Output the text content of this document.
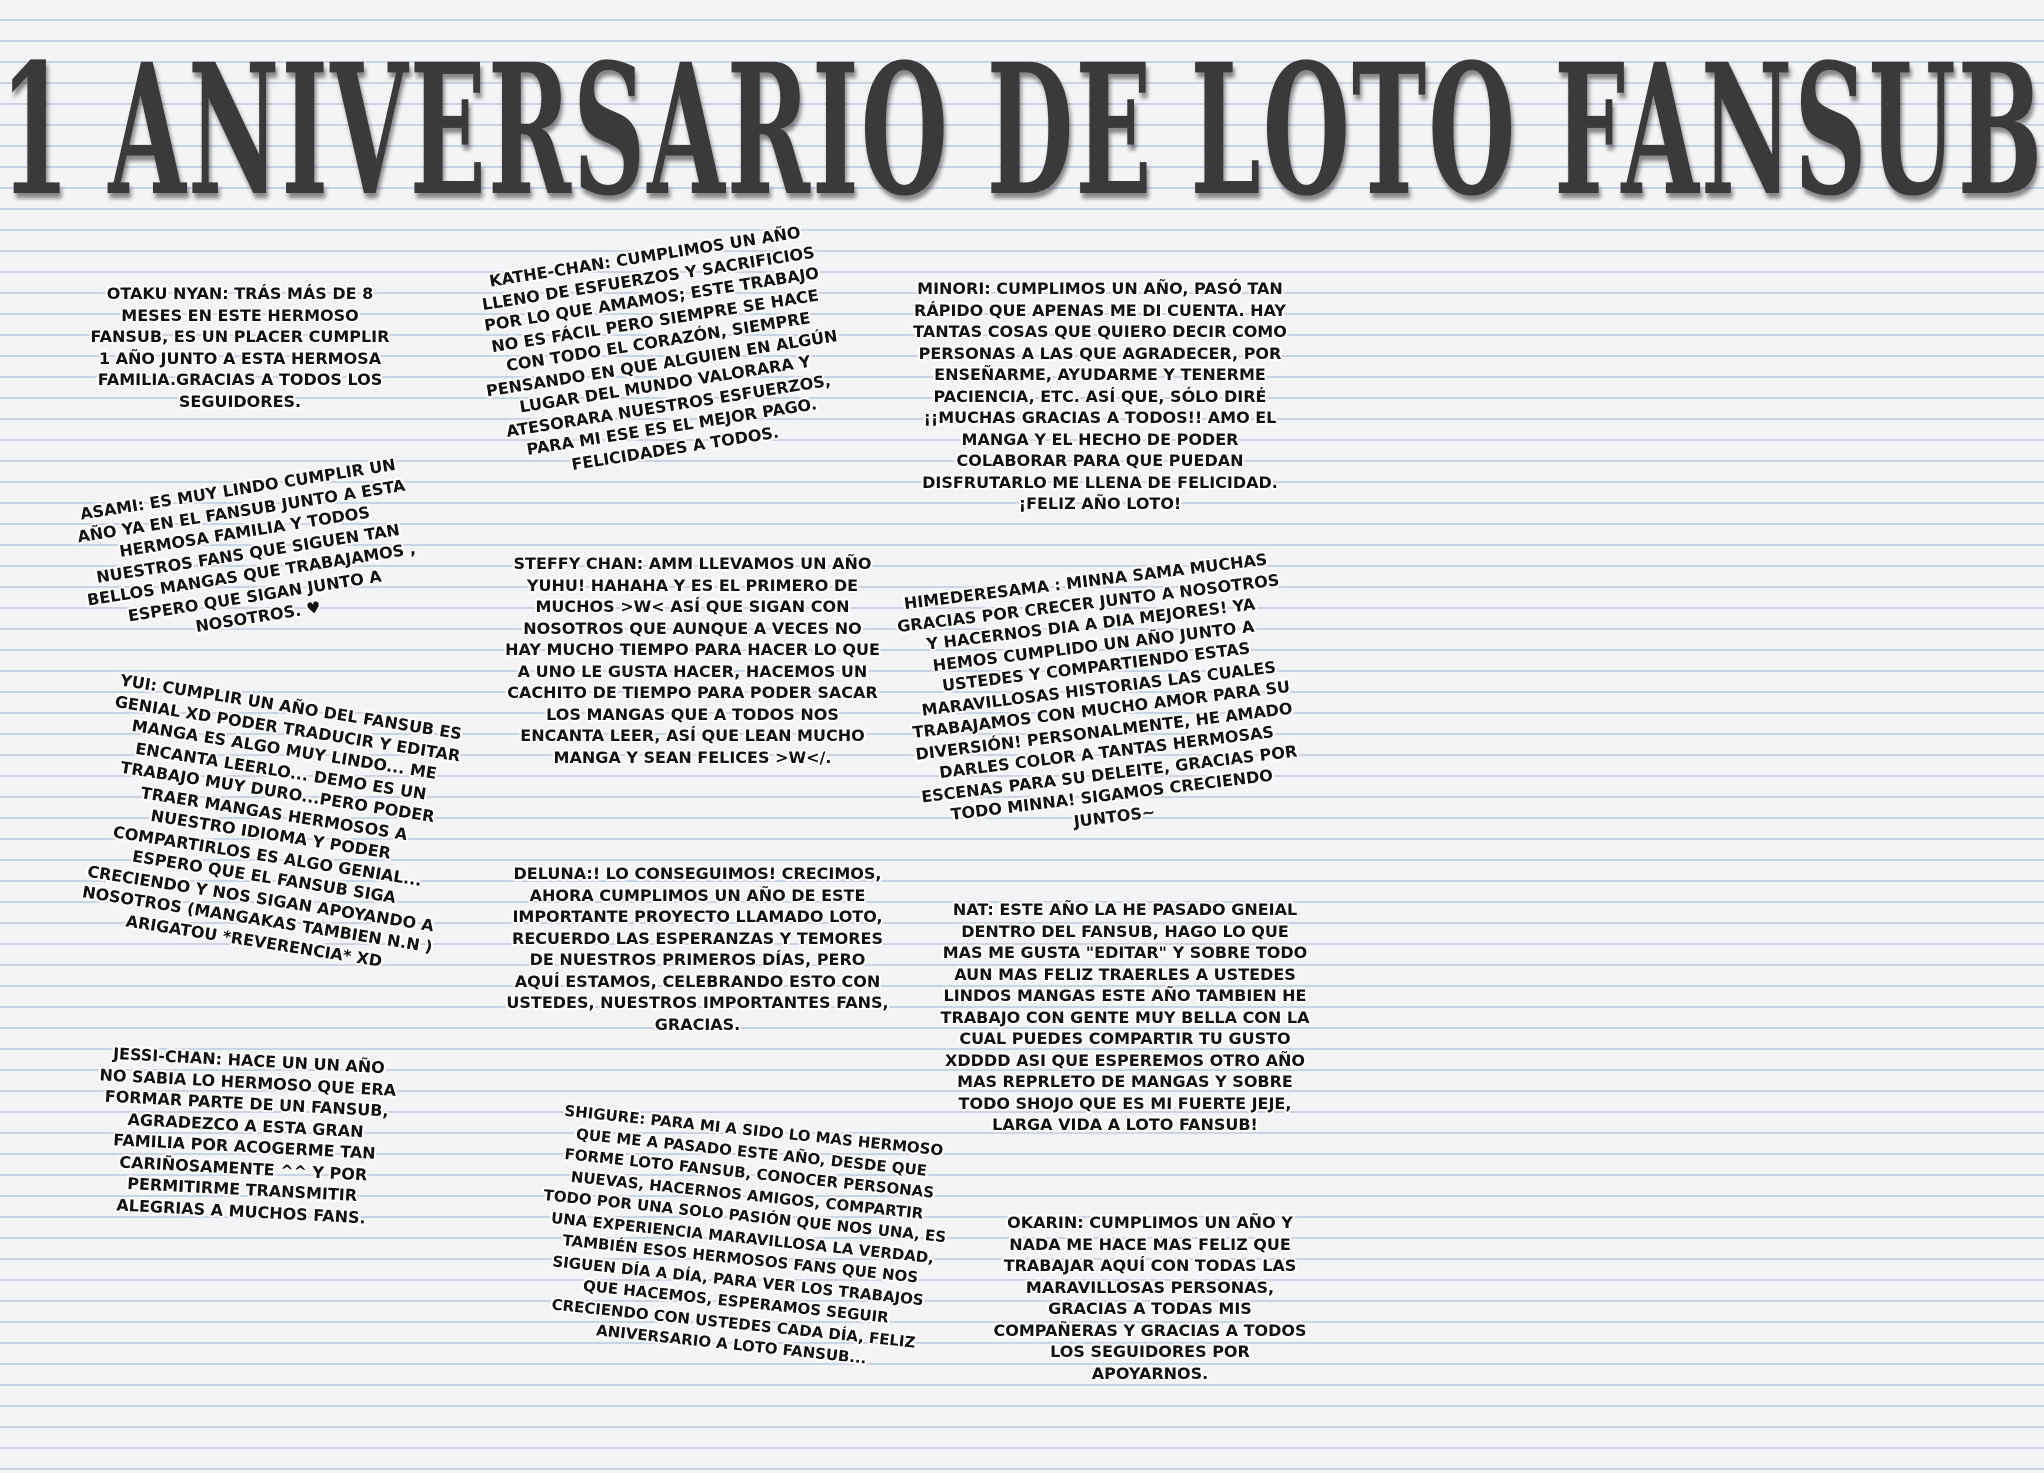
1 ANIVERSARIO DE LOTO FANSUB
OTAKU NYAN: TRÁS MÁS DE 8 MESES EN ESTE HERMOSO FANSUB, ES UN PLACER CUMPLIR 1 AÑO JUNTO A ESTA HERMOSA FAMILIA.GRACIAS A TODOS LOS SEGUIDORES.
KATHE-CHAN: CUMPLIMOS UN AÑO LLENO DE ESFUERZOS Y SACRIFICIOS POR LO QUE AMAMOS; ESTE TRABAJO NO ES FÁCIL PERO SIEMPRE SE HACE CON TODO EL CORAZÓN, SIEMPRE PENSANDO EN QUE ALGUIEN EN ALGÚN LUGAR DEL MUNDO VALORARA Y ATESORARA NUESTROS ESFUERZOS, PARA MI ESE ES EL MEJOR PAGO. FELICIDADES A TODOS.
MINORI: CUMPLIMOS UN AÑO, PASÓ TAN RÁPIDO QUE APENAS ME DI CUENTA. HAY TANTAS COSAS QUE QUIERO DECIR COMO PERSONAS A LAS QUE AGRADECER, POR ENSEÑARME, AYUDARME Y TENERME PACIENCIA, ETC. ASÍ QUE, SÓLO DIRÉ ¡¡MUCHAS GRACIAS A TODOS!! AMO EL MANGA Y EL HECHO DE PODER COLABORAR PARA QUE PUEDAN DISFRUTARLO ME LLENA DE FELICIDAD. ¡FELIZ AÑO LOTO!
ASAMI: ES MUY LINDO CUMPLIR UN AÑO YA EN EL FANSUB JUNTO A ESTA HERMOSA FAMILIA Y TODOS NUESTROS FANS QUE SIGUEN TAN BELLOS MANGAS QUE TRABAJAMOS , ESPERO QUE SIGAN JUNTO A NOSOTROS. ♥
STEFFY CHAN: AMM LLEVAMOS UN AÑO YUHU! HAHAHA Y ES EL PRIMERO DE MUCHOS >W< ASÍ QUE SIGAN CON NOSOTROS QUE AUNQUE A VECES NO HAY MUCHO TIEMPO PARA HACER LO QUE A UNO LE GUSTA HACER, HACEMOS UN CACHITO DE TIEMPO PARA PODER SACAR LOS MANGAS QUE A TODOS NOS ENCANTA LEER, ASÍ QUE LEAN MUCHO MANGA Y SEAN FELICES >W</.
HIMEDERESAMA : MINNA SAMA MUCHAS GRACIAS POR CRECER JUNTO A NOSOTROS Y HACERNOS DIA A DIA MEJORES! YA HEMOS CUMPLIDO UN AÑO JUNTO A USTEDES Y COMPARTIENDO ESTAS MARAVILLOSAS HISTORIAS LAS CUALES TRABAJAMOS CON MUCHO AMOR PARA SU DIVERSIÓN! PERSONALMENTE, HE AMADO DARLES COLOR A TANTAS HERMOSAS ESCENAS PARA SU DELEITE, GRACIAS POR TODO MINNA! SIGAMOS CRECIENDO JUNTOS~
YUI: CUMPLIR UN AÑO DEL FANSUB ES GENIAL XD PODER TRADUCIR Y EDITAR MANGA ES ALGO MUY LINDO... ME ENCANTA LEERLO... DEMO ES UN TRABAJO MUY DURO...PERO PODER TRAER MANGAS HERMOSOS A NUESTRO IDIOMA Y PODER COMPARTIRLOS ES ALGO GENIAL... ESPERO QUE EL FANSUB SIGA CRECIENDO Y NOS SIGAN APOYANDO A NOSOTROS (MANGAKAS TAMBIEN N.N ) ARIGATOU *REVERENCIA* XD
DELUNA:! LO CONSEGUIMOS! CRECIMOS, AHORA CUMPLIMOS UN AÑO DE ESTE IMPORTANTE PROYECTO LLAMADO LOTO, RECUERDO LAS ESPERANZAS Y TEMORES DE NUESTROS PRIMEROS DÍAS, PERO AQUÍ ESTAMOS, CELEBRANDO ESTO CON USTEDES, NUESTROS IMPORTANTES FANS, GRACIAS.
NAT: ESTE AÑO LA HE PASADO GNEIAL DENTRO DEL FANSUB, HAGO LO QUE MAS ME GUSTA "EDITAR" Y SOBRE TODO AUN MAS FELIZ TRAERLES A USTEDES LINDOS MANGAS ESTE AÑO TAMBIEN HE TRABAJO CON GENTE MUY BELLA CON LA CUAL PUEDES COMPARTIR TU GUSTO XDDDD ASI QUE ESPEREMOS OTRO AÑO MAS REPRLETO DE MANGAS Y SOBRE TODO SHOJO QUE ES MI FUERTE JEJE, LARGA VIDA A LOTO FANSUB!
JESSI-CHAN: HACE UN UN AÑO NO SABIA LO HERMOSO QUE ERA FORMAR PARTE DE UN FANSUB, AGRADEZCO A ESTA GRAN FAMILIA POR ACOGERME TAN CARIÑOSAMENTE ^^ Y POR PERMITIRME TRANSMITIR ALEGRIAS A MUCHOS FANS.
SHIGURE: PARA MI A SIDO LO MAS HERMOSO QUE ME A PASADO ESTE AÑO, DESDE QUE FORME LOTO FANSUB, CONOCER PERSONAS NUEVAS, HACERNOS AMIGOS, COMPARTIR TODO POR UNA SOLO PASIÓN QUE NOS UNA, ES UNA EXPERIENCIA MARAVILLOSA LA VERDAD, TAMBIÉN ESOS HERMOSOS FANS QUE NOS SIGUEN DÍA A DÍA, PARA VER LOS TRABAJOS QUE HACEMOS, ESPERAMOS SEGUIR CRECIENDO CON USTEDES CADA DÍA, FELIZ ANIVERSARIO A LOTO FANSUB...
OKARIN: CUMPLIMOS UN AÑO Y NADA ME HACE MAS FELIZ QUE TRABAJAR AQUÍ CON TODAS LAS MARAVILLOSAS PERSONAS, GRACIAS A TODAS MIS COMPAÑERAS Y GRACIAS A TODOS LOS SEGUIDORES POR APOYARNOS.
